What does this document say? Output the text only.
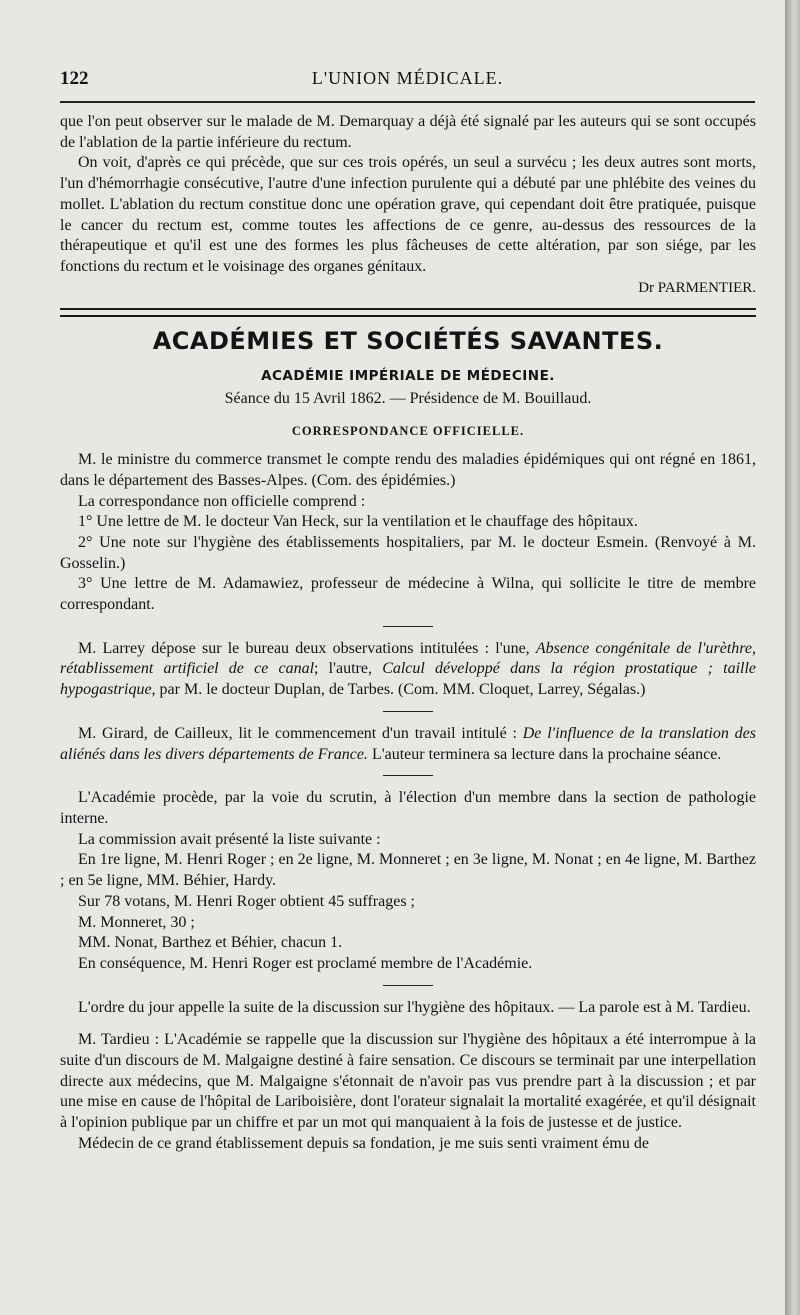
122	L'UNION MÉDICALE.

que l'on peut observer sur le malade de M. Demarquay a déjà été signalé par les auteurs qui se sont occupés de l'ablation de la partie inférieure du rectum.

On voit, d'après ce qui précède, que sur ces trois opérés, un seul a survécu ; les deux autres sont morts, l'un d'hémorrhagie consécutive, l'autre d'une infection purulente qui a débuté par une phlébite des veines du mollet. L'ablation du rectum constitue donc une opération grave, qui cependant doit être pratiquée, puisque le cancer du rectum est, comme toutes les affections de ce genre, au-dessus des ressources de la thérapeutique et qu'il est une des formes les plus fâcheuses de cette altération, par son siége, par les fonctions du rectum et le voisinage des organes génitaux.

Dr PARMENTIER.

ACADÉMIES ET SOCIÉTÉS SAVANTES.
ACADÉMIE IMPÉRIALE DE MÉDECINE.
Séance du 15 Avril 1862. — Présidence de M. Bouillaud.
CORRESPONDANCE OFFICIELLE.

M. le ministre du commerce transmet le compte rendu des maladies épidémiques qui ont régné en 1861, dans le département des Basses-Alpes. (Com. des épidémies.)

La correspondance non officielle comprend :

1° Une lettre de M. le docteur Van Heck, sur la ventilation et le chauffage des hôpitaux.

2° Une note sur l'hygiène des établissements hospitaliers, par M. le docteur Esmein. (Renvoyé à M. Gosselin.)

3° Une lettre de M. Adamawiez, professeur de médecine à Wilna, qui sollicite le titre de membre correspondant.

M. Larrey dépose sur le bureau deux observations intitulées : l'une, Absence congénitale de l'urèthre, rétablissement artificiel de ce canal; l'autre, Calcul développé dans la région prostatique ; taille hypogastrique, par M. le docteur Duplan, de Tarbes. (Com. MM. Cloquet, Larrey, Ségalas.)

M. Girard, de Cailleux, lit le commencement d'un travail intitulé : De l'influence de la translation des aliénés dans les divers départements de France. L'auteur terminera sa lecture dans la prochaine séance.

L'Académie procède, par la voie du scrutin, à l'élection d'un membre dans la section de pathologie interne.

La commission avait présenté la liste suivante :

En 1re ligne, M. Henri Roger ; en 2e ligne, M. Monneret ; en 3e ligne, M. Nonat ; en 4e ligne, M. Barthez ; en 5e ligne, MM. Béhier, Hardy.

Sur 78 votans, M. Henri Roger obtient 45 suffrages ;

M. Monneret, 30 ;

MM. Nonat, Barthez et Béhier, chacun 1.

En conséquence, M. Henri Roger est proclamé membre de l'Académie.

L'ordre du jour appelle la suite de la discussion sur l'hygiène des hôpitaux. — La parole est à M. Tardieu.

M. Tardieu : L'Académie se rappelle que la discussion sur l'hygiène des hôpitaux a été interrompue à la suite d'un discours de M. Malgaigne destiné à faire sensation. Ce discours se terminait par une interpellation directe aux médecins, que M. Malgaigne s'étonnait de n'avoir pas vus prendre part à la discussion ; et par une mise en cause de l'hôpital de Lariboisière, dont l'orateur signalait la mortalité exagérée, et qu'il désignait à l'opinion publique par un chiffre et par un mot qui manquaient à la fois de justesse et de justice.

Médecin de ce grand établissement depuis sa fondation, je me suis senti vraiment ému de
